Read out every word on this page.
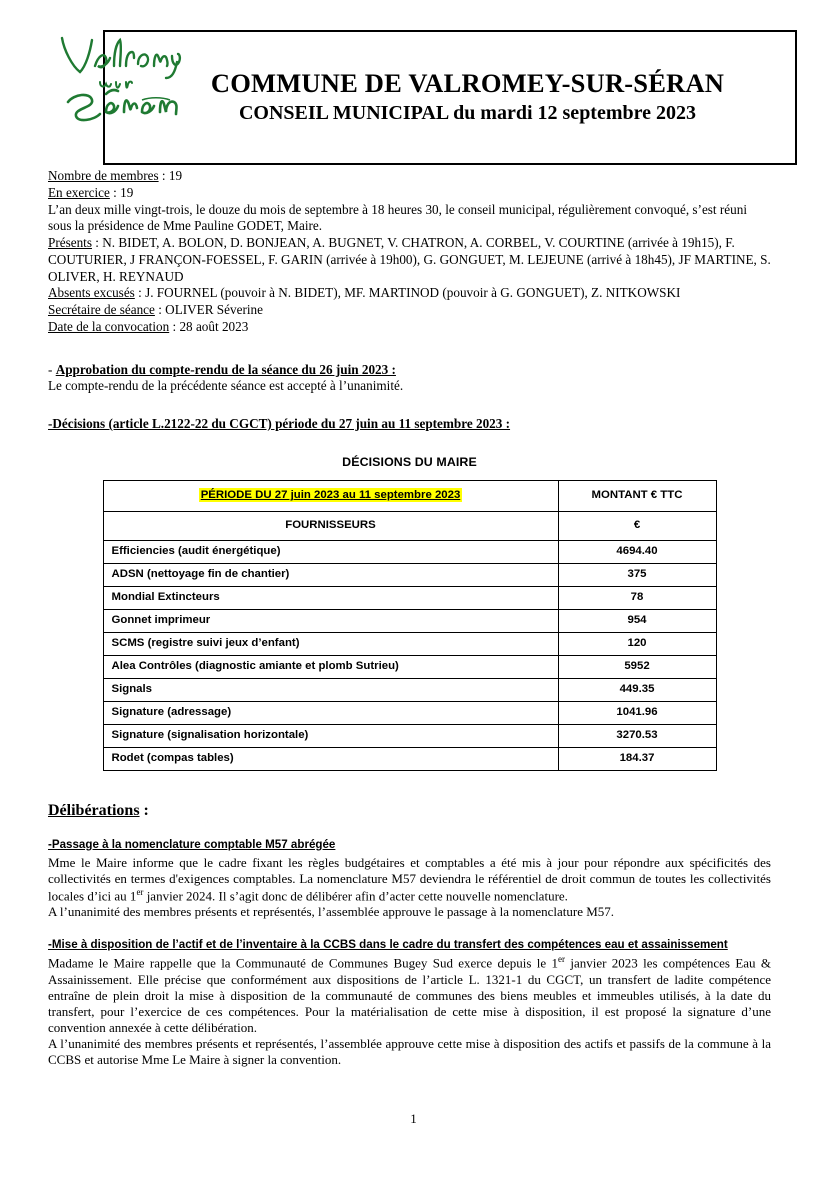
COMMUNE DE VALROMEY-SUR-SÉRAN
CONSEIL MUNICIPAL du mardi 12 septembre 2023

Nombre de membres : 19

En exercice : 19

L’an deux mille vingt-trois, le douze du mois de septembre à 18 heures 30, le conseil municipal, régulièrement convoqué, s’est réuni sous la présidence de Mme Pauline GODET, Maire.

Présents : N. BIDET, A. BOLON, D. BONJEAN, A. BUGNET, V. CHATRON, A. CORBEL, V. COURTINE (arrivée à 19h15), F. COUTURIER, J FRANÇON-FOESSEL, F. GARIN (arrivée à 19h00), G. GONGUET, M. LEJEUNE (arrivé à 18h45), JF MARTINE, S. OLIVER, H. REYNAUD

Absents excusés : J. FOURNEL (pouvoir à N. BIDET), MF. MARTINOD (pouvoir à G. GONGUET), Z. NITKOWSKI

Secrétaire de séance : OLIVER Séverine

Date de la convocation : 28 août 2023

- Approbation du compte-rendu de la séance du 26 juin 2023 :

Le compte-rendu de la précédente séance est accepté à l’unanimité.

-Décisions (article L.2122-22 du CGCT) période du 27 juin au 11 septembre 2023 :

DÉCISIONS DU MAIRE
PÉRIODE DU 27 juin 2023 au 11 septembre 2023	MONTANT € TTC
FOURNISSEURS	€
Efficiencies (audit énergétique)	4694.40
ADSN (nettoyage fin de chantier)	375
Mondial Extincteurs	78
Gonnet imprimeur	954
SCMS (registre suivi jeux d’enfant)	120
Alea Contrôles (diagnostic amiante et plomb Sutrieu)	5952
Signals	449.35
Signature (adressage)	1041.96
Signature (signalisation horizontale)	3270.53
Rodet (compas tables)	184.37
Délibérations :
-Passage à la nomenclature comptable M57 abrégée

Mme le Maire informe que le cadre fixant les règles budgétaires et comptables a été mis à jour pour répondre aux spécificités des collectivités en termes d'exigences comptables. La nomenclature M57 deviendra le référentiel de droit commun de toutes les collectivités locales d’ici au 1er janvier 2024. Il s’agit donc de délibérer afin d’acter cette nouvelle nomenclature.

A l’unanimité des membres présents et représentés, l’assemblée approuve le passage à la nomenclature M57.

-Mise à disposition de l’actif et de l’inventaire à la CCBS dans le cadre du transfert des compétences eau et assainissement

Madame le Maire rappelle que la Communauté de Communes Bugey Sud exerce depuis le 1er janvier 2023 les compétences Eau & Assainissement. Elle précise que conformément aux dispositions de l’article L. 1321-1 du CGCT, un transfert de ladite compétence entraîne de plein droit la mise à disposition de la communauté de communes des biens meubles et immeubles utilisés, à la date du transfert, pour l’exercice de ces compétences. Pour la matérialisation de cette mise à disposition, il est proposé la signature d’une convention annexée à cette délibération.

A l’unanimité des membres présents et représentés, l’assemblée approuve cette mise à disposition des actifs et passifs de la commune à la CCBS et autorise Mme Le Maire à signer la convention.

1
